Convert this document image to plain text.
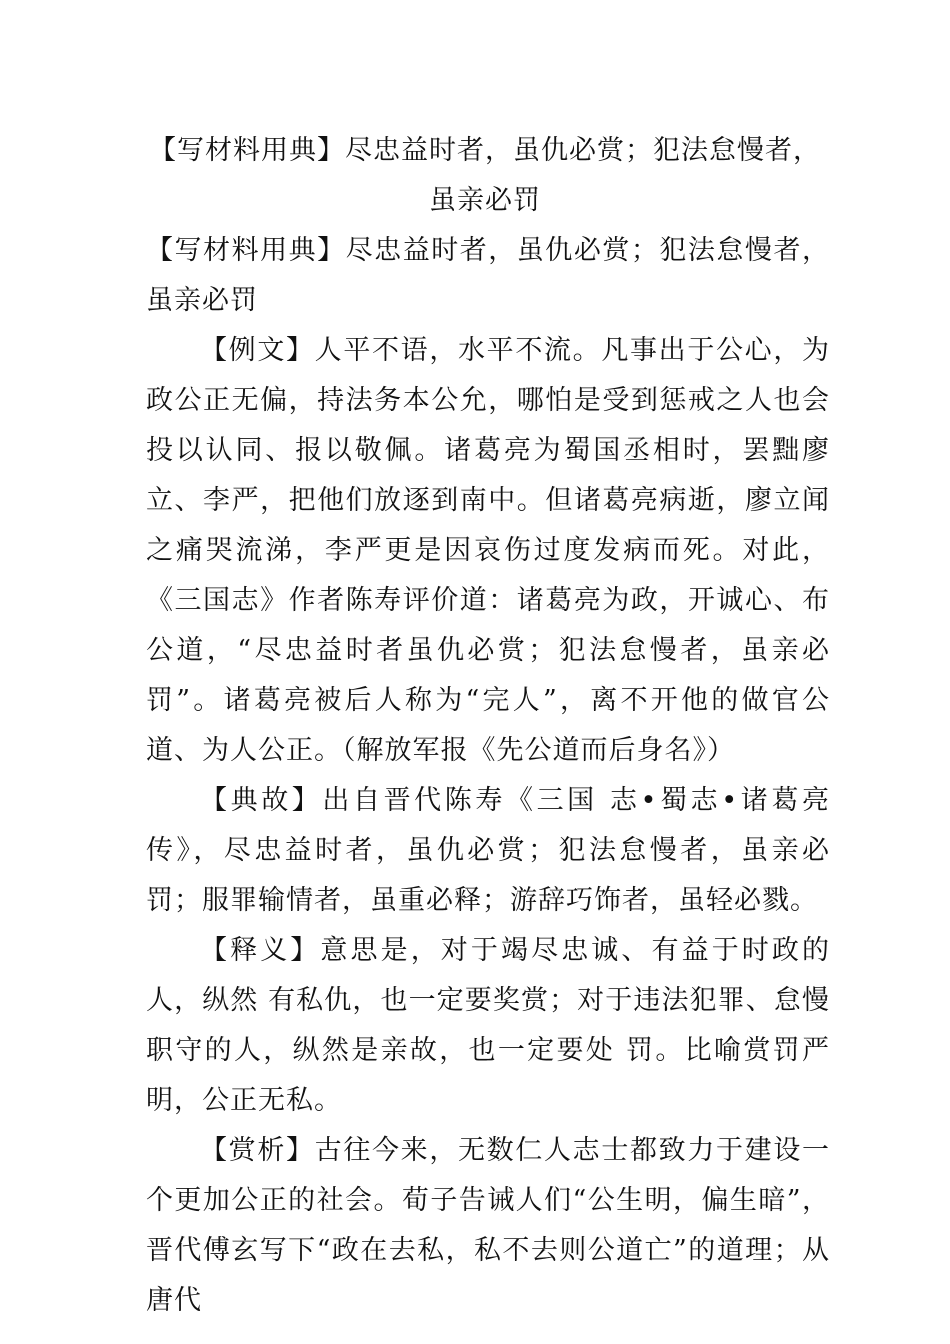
【写材料用典】尽忠益时者，虽仇必赏；犯法怠慢者，虽亲必罚

【写材料用典】尽忠益时者，虽仇必赏；犯法怠慢者，虽亲必罚

【例文】人平不语，水平不流。凡事出于公心，为政公正无偏，持法务本公允，哪怕是受到惩戒之人也会投以认同、报以敬佩。诸葛亮为蜀国丞相时，罢黜廖立、李严，把他们放逐到南中。但诸葛亮病逝，廖立闻之痛哭流涕，李严更是因哀伤过度发病而死。对此，《三国志》作者陈寿评价道：诸葛亮为政，开诚心、布公道，“尽忠益时者虽仇必赏；犯法怠慢者，虽亲必罚”。诸葛亮被后人称为“完人”，离不开他的做官公道、为人公正。（解放军报《先公道而后身名》）

【典故】出自晋代陈寿《三国 志•蜀志•诸葛亮传》，尽忠益时者，虽仇必赏；犯法怠慢者，虽亲必罚；服罪输情者，虽重必释；游辞巧饰者，虽轻必戮。

【释义】意思是，对于竭尽忠诚、有益于时政的人，纵然 有私仇，也一定要奖赏；对于违法犯罪、怠慢职守的人，纵然是亲故，也一定要处 罚。比喻赏罚严明，公正无私。

【赏析】古往今来，无数仁人志士都致力于建设一个更加公正的社会。荀子告诫人们“公生明，偏生暗”，晋代傅玄写下“政在去私，私不去则公道亡”的道理；从唐代
